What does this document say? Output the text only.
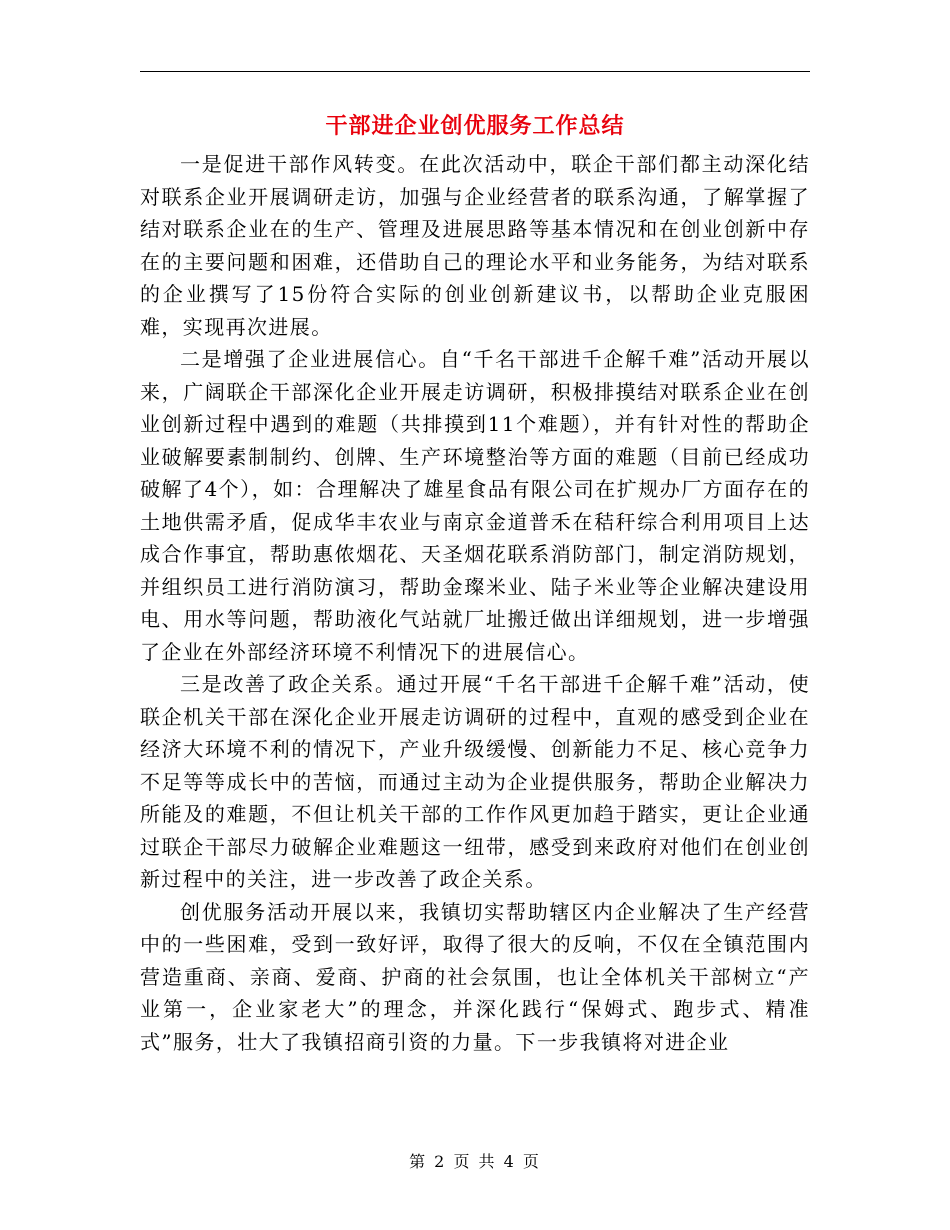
干部进企业创优服务工作总结

一是促进干部作风转变。在此次活动中，联企干部们都主动深化结对联系企业开展调研走访，加强与企业经营者的联系沟通，了解掌握了结对联系企业在的生产、管理及进展思路等基本情况和在创业创新中存在的主要问题和困难，还借助自己的理论水平和业务能务，为结对联系的企业撰写了15份符合实际的创业创新建议书，以帮助企业克服困难，实现再次进展。

二是增强了企业进展信心。自“千名干部进千企解千难”活动开展以来，广阔联企干部深化企业开展走访调研，积极排摸结对联系企业在创业创新过程中遇到的难题（共排摸到11个难题），并有针对性的帮助企业破解要素制制约、创牌、生产环境整治等方面的难题（目前已经成功破解了4个），如：合理解决了雄星食品有限公司在扩规办厂方面存在的土地供需矛盾，促成华丰农业与南京金道普禾在秸秆综合利用项目上达成合作事宜，帮助惠侬烟花、天圣烟花联系消防部门，制定消防规划，并组织员工进行消防演习，帮助金璨米业、陆子米业等企业解决建设用电、用水等问题，帮助液化气站就厂址搬迁做出详细规划，进一步增强了企业在外部经济环境不利情况下的进展信心。

三是改善了政企关系。通过开展“千名干部进千企解千难”活动，使联企机关干部在深化企业开展走访调研的过程中，直观的感受到企业在经济大环境不利的情况下，产业升级缓慢、创新能力不足、核心竞争力不足等等成长中的苦恼，而通过主动为企业提供服务，帮助企业解决力所能及的难题，不但让机关干部的工作作风更加趋于踏实，更让企业通过联企干部尽力破解企业难题这一纽带，感受到来政府对他们在创业创新过程中的关注，进一步改善了政企关系。

创优服务活动开展以来，我镇切实帮助辖区内企业解决了生产经营中的一些困难，受到一致好评，取得了很大的反响，不仅在全镇范围内营造重商、亲商、爱商、护商的社会氛围，也让全体机关干部树立“产业第一，企业家老大”的理念，并深化践行“保姆式、跑步式、精准式”服务，壮大了我镇招商引资的力量。下一步我镇将对进企业

第 2 页 共 4 页
